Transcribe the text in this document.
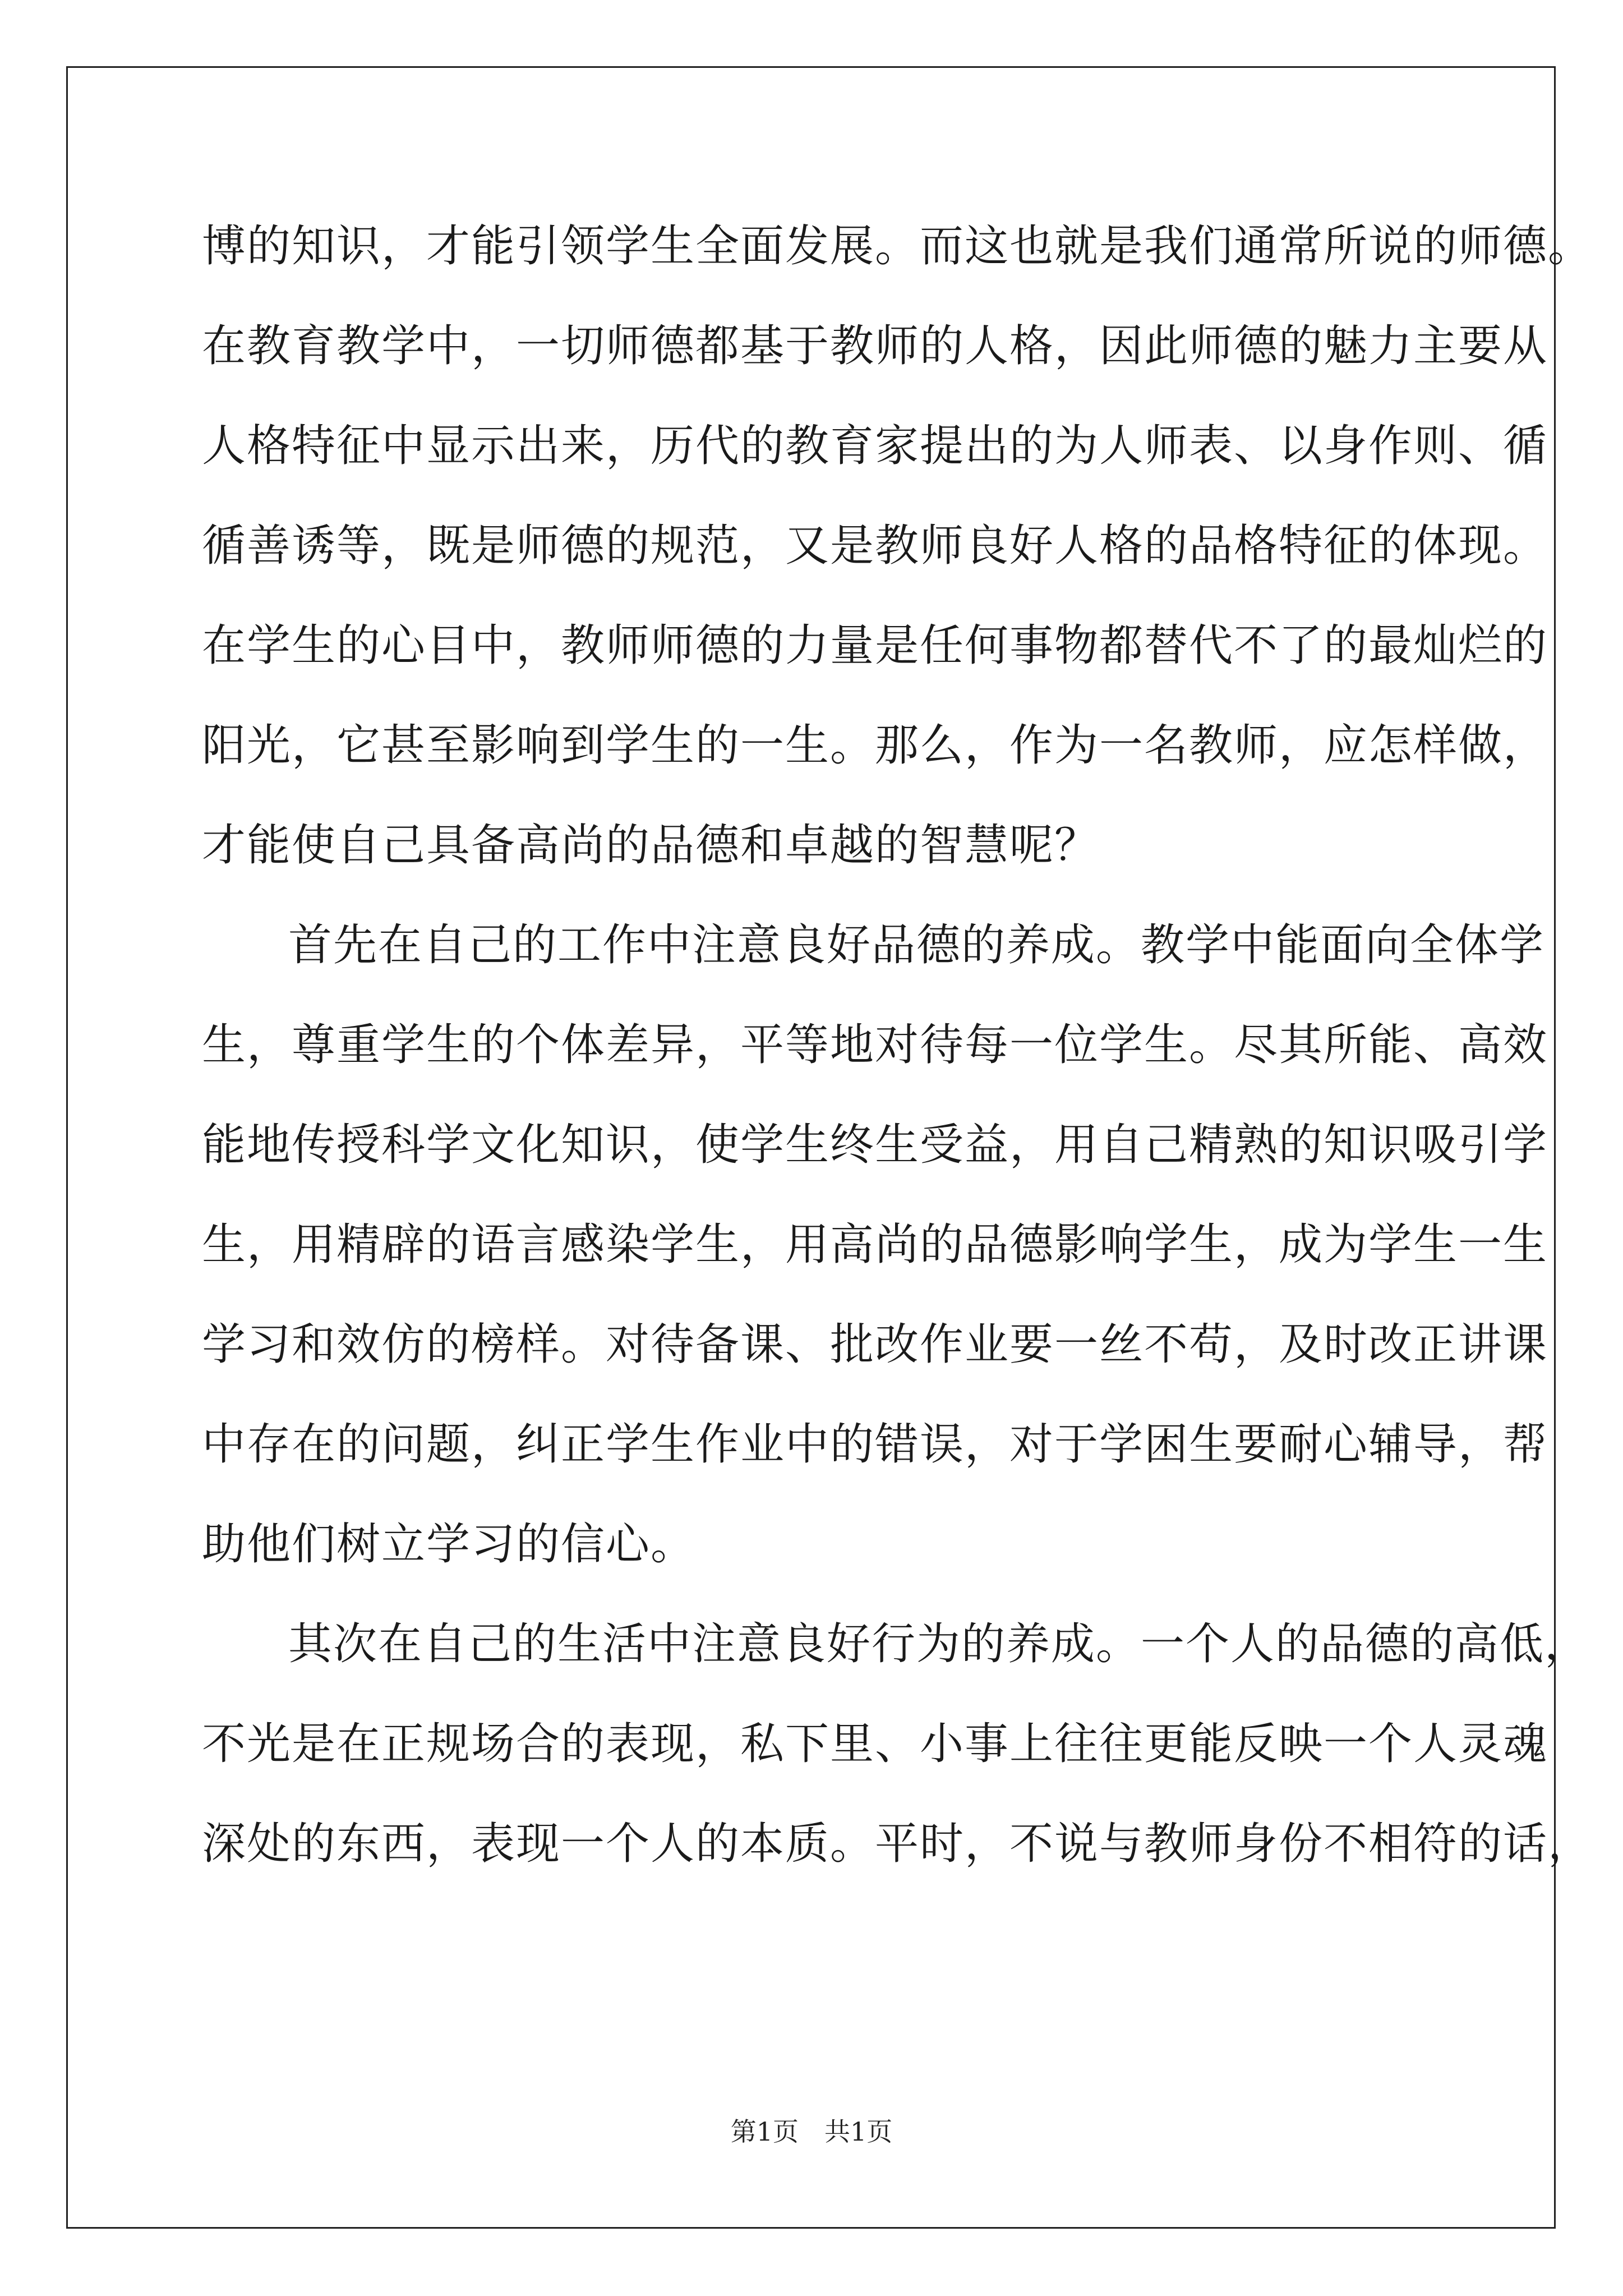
博的知识，才能引领学生全面发展。而这也就是我们通常所说的师德。
在教育教学中，一切师德都基于教师的人格，因此师德的魅力主要从
人格特征中显示出来，历代的教育家提出的为人师表、以身作则、循
循善诱等，既是师德的规范，又是教师良好人格的品格特征的体现。
在学生的心目中，教师师德的力量是任何事物都替代不了的最灿烂的
阳光，它甚至影响到学生的一生。那么，作为一名教师，应怎样做，
才能使自己具备高尚的品德和卓越的智慧呢？
首先在自己的工作中注意良好品德的养成。教学中能面向全体学
生，尊重学生的个体差异，平等地对待每一位学生。尽其所能、高效
能地传授科学文化知识，使学生终生受益，用自己精熟的知识吸引学
生，用精辟的语言感染学生，用高尚的品德影响学生，成为学生一生
学习和效仿的榜样。对待备课、批改作业要一丝不苟，及时改正讲课
中存在的问题，纠正学生作业中的错误，对于学困生要耐心辅导，帮
助他们树立学习的信心。
其次在自己的生活中注意良好行为的养成。一个人的品德的高低，
不光是在正规场合的表现，私下里、小事上往往更能反映一个人灵魂
深处的东西，表现一个人的本质。平时，不说与教师身份不相符的话，
第1页　共1页
